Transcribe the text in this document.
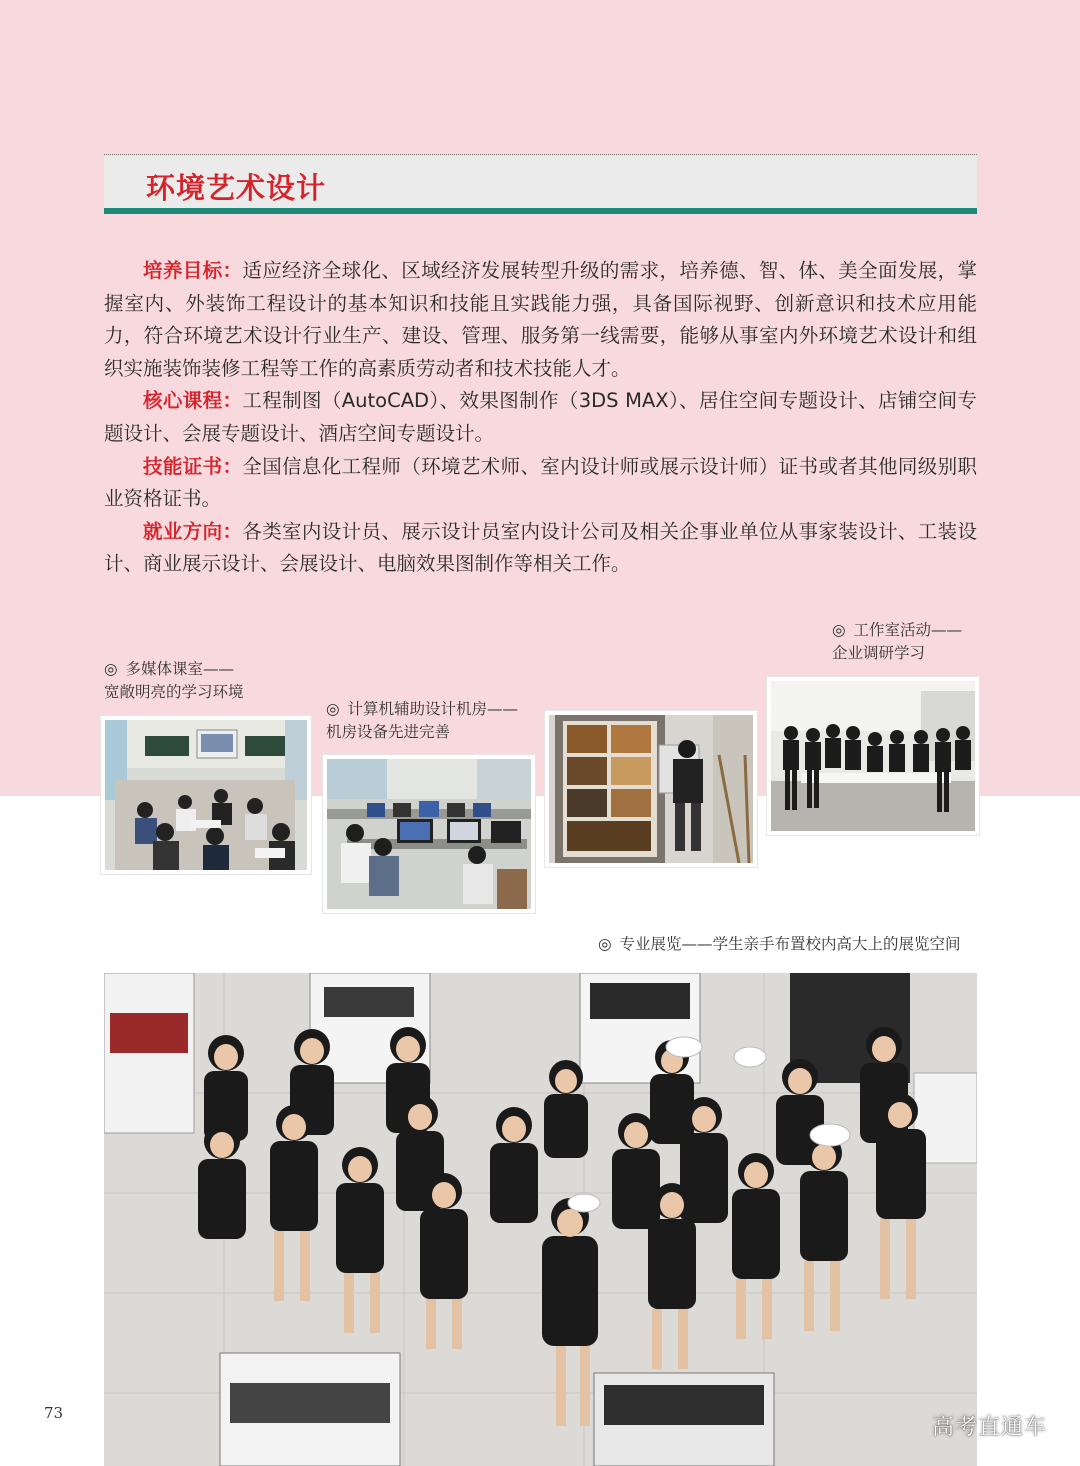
环境艺术设计

培养目标：适应经济全球化、区域经济发展转型升级的需求，培养德、智、体、美全面发展，掌握室内、外装饰工程设计的基本知识和技能且实践能力强，具备国际视野、创新意识和技术应用能力，符合环境艺术设计行业生产、建设、管理、服务第一线需要，能够从事室内外环境艺术设计和组织实施装饰装修工程等工作的高素质劳动者和技术技能人才。

核心课程：工程制图（AutoCAD）、效果图制作（3DS MAX）、居住空间专题设计、店铺空间专题设计、会展专题设计、酒店空间专题设计。

技能证书：全国信息化工程师（环境艺术师、室内设计师或展示设计师）证书或者其他同级别职业资格证书。

就业方向：各类室内设计员、展示设计员室内设计公司及相关企事业单位从事家装设计、工装设计、商业展示设计、会展设计、电脑效果图制作等相关工作。

◎ 多媒体课室——
宽敞明亮的学习环境
◎ 计算机辅助设计机房——
机房设备先进完善
◎ 工作室活动——
企业调研学习
◎ 专业展览——学生亲手布置校内高大上的展览空间
73
高考直通车
